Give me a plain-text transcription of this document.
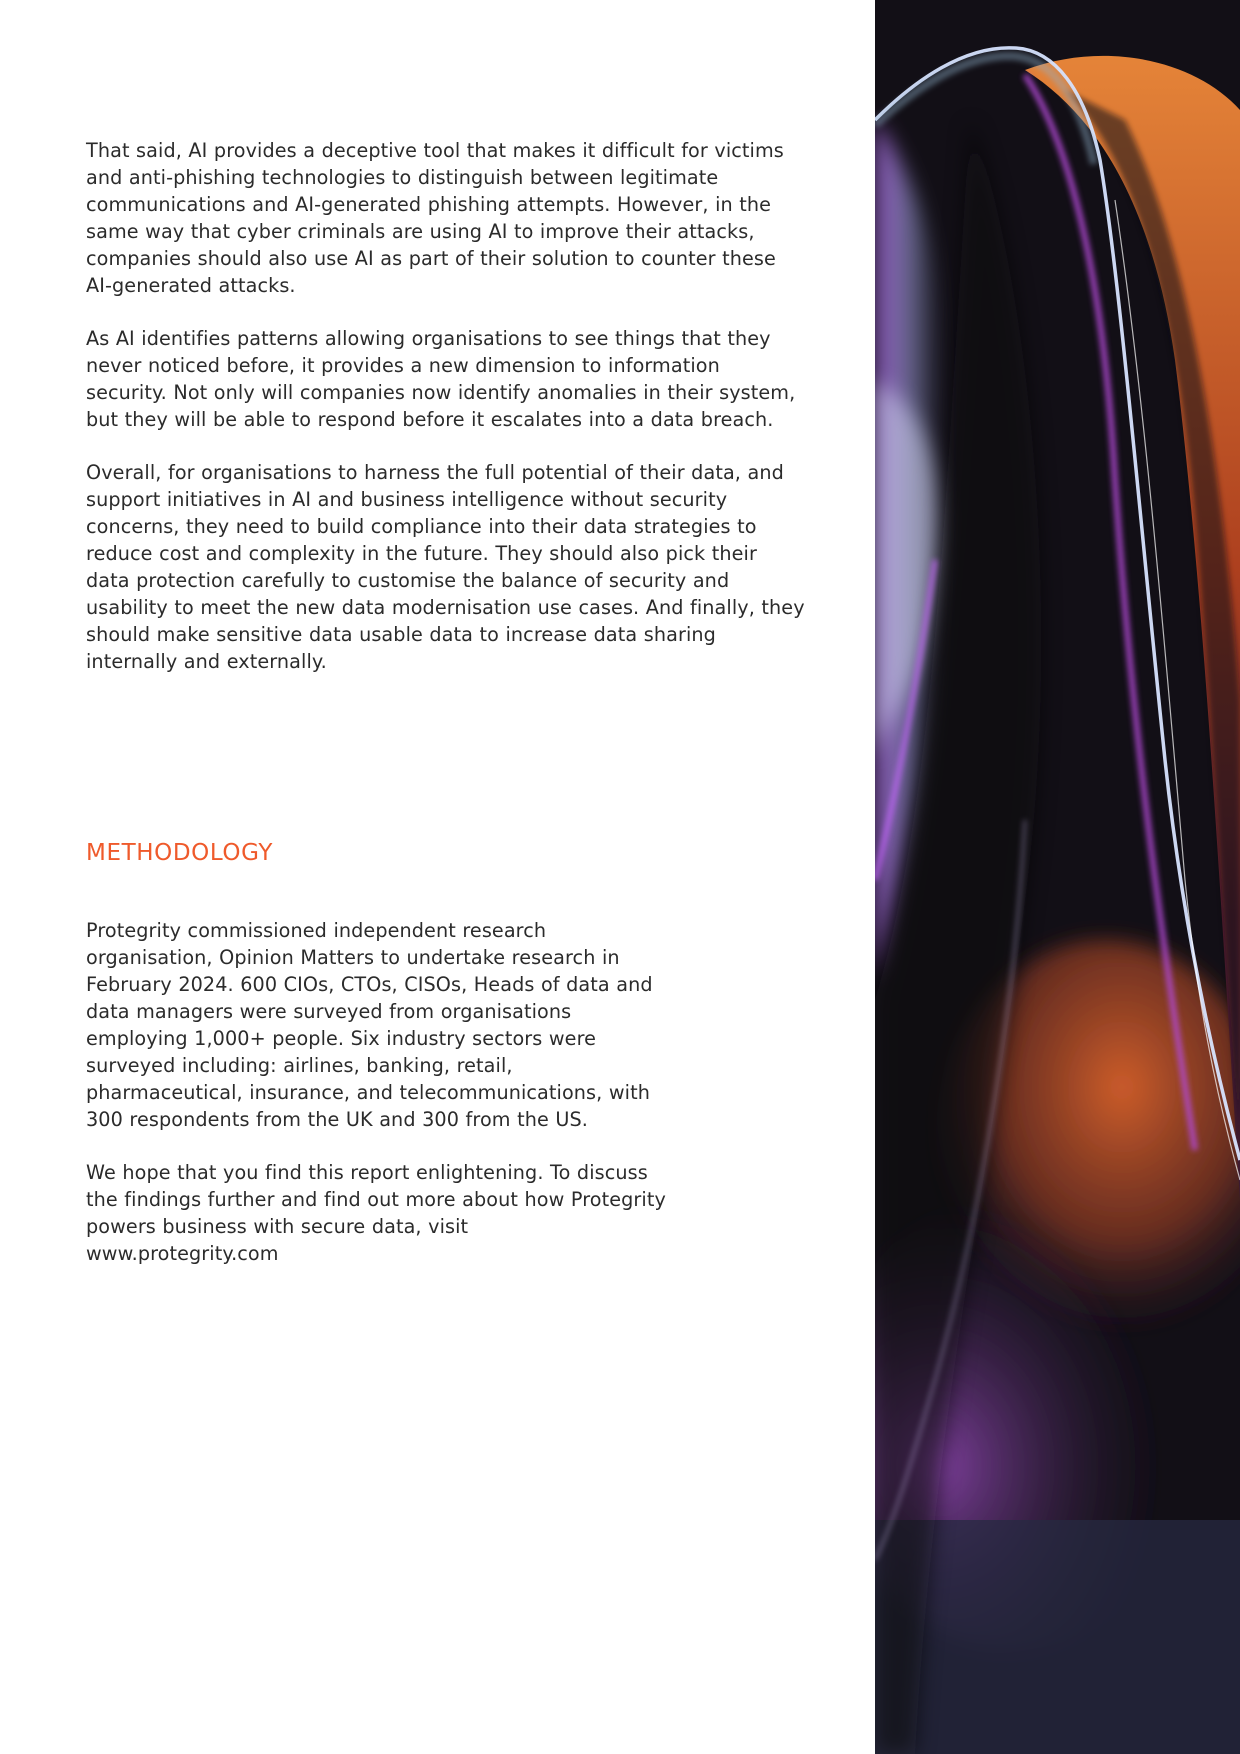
That said, AI provides a deceptive tool that makes it difficult for victims and anti-phishing technologies to distinguish between legitimate communications and AI-generated phishing attempts. However, in the same way that cyber criminals are using AI to improve their attacks, companies should also use AI as part of their solution to counter these AI-generated attacks.

As AI identifies patterns allowing organisations to see things that they never noticed before, it provides a new dimension to information security. Not only will companies now identify anomalies in their system, but they will be able to respond before it escalates into a data breach.

Overall, for organisations to harness the full potential of their data, and support initiatives in AI and business intelligence without security concerns, they need to build compliance into their data strategies to reduce cost and complexity in the future. They should also pick their data protection carefully to customise the balance of security and usability to meet the new data modernisation use cases. And finally, they should make sensitive data usable data to increase data sharing internally and externally.

METHODOLOGY

Protegrity commissioned independent research organisation, Opinion Matters to undertake research in February 2024. 600 CIOs, CTOs, CISOs, Heads of data and data managers were surveyed from organisations employing 1,000+ people. Six industry sectors were surveyed including: airlines, banking, retail, pharmaceutical, insurance, and telecommunications, with 300 respondents from the UK and 300 from the US.

We hope that you find this report enlightening. To discuss the findings further and find out more about how Protegrity powers business with secure data, visit www.protegrity.com
